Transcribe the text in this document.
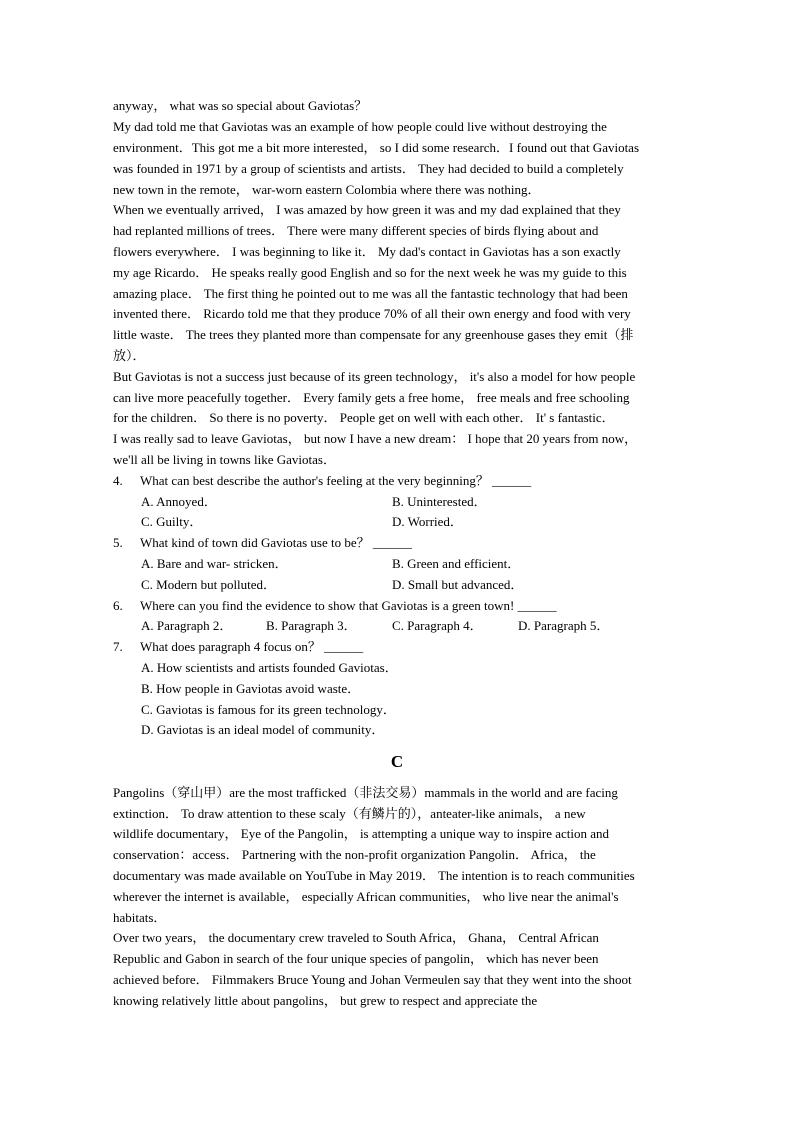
anyway， what was so special about Gaviotas？
My dad told me that Gaviotas was an example of how people could live without destroying the
environment．This got me a bit more interested， so I did some research．I found out that Gaviotas
was founded in 1971 by a group of scientists and artists． They had decided to build a completely
new town in the remote， war-worn eastern Colombia where there was nothing．
When we eventually arrived， I was amazed by how green it was and my dad explained that they
had replanted millions of trees． There were many different species of birds flying about and
flowers everywhere． I was beginning to like it． My dad's contact in Gaviotas has a son exactly
my age Ricardo． He speaks really good English and so for the next week he was my guide to this
amazing place． The first thing he pointed out to me was all the fantastic technology that had been
invented there． Ricardo told me that they produce 70% of all their own energy and food with very
little waste． The trees they planted more than compensate for any greenhouse gases they emit（排
放）．
But Gaviotas is not a success just because of its green technology， it's also a model for how people
can live more peacefully together． Every family gets a free home， free meals and free schooling
for the children． So there is no poverty． People get on well with each other． It' s fantastic．
I was really sad to leave Gaviotas， but now I have a new dream： I hope that 20 years from now，
we'll all be living in towns like Gaviotas．
4. What can best describe the author's feeling at the very beginning？ ______
A. Annoyed．	B. Uninterested．
C. Guilty．	D. Worried．
5. What kind of town did Gaviotas use to be？ ______
A. Bare and war- stricken．	B. Green and efficient．
C. Modern but polluted．	D. Small but advanced．
6. Where can you find the evidence to show that Gaviotas is a green town! ______
A. Paragraph 2．	B. Paragraph 3．	C. Paragraph 4．	D. Paragraph 5．
7. What does paragraph 4 focus on？ ______
A. How scientists and artists founded Gaviotas．
B. How people in Gaviotas avoid waste．
C. Gaviotas is famous for its green technology．
D. Gaviotas is an ideal model of community．
C
Pangolins（穿山甲）are the most trafficked（非法交易）mammals in the world and are facing
extinction． To draw attention to these scaly（有鳞片的），anteater-like animals， a new
wildlife documentary， Eye of the Pangolin， is attempting a unique way to inspire action and
conservation：access． Partnering with the non-profit organization Pangolin． Africa， the
documentary was made available on YouTube in May 2019． The intention is to reach communities
wherever the internet is available， especially African communities， who live near the animal's
habitats．
Over two years， the documentary crew traveled to South Africa， Ghana， Central African
Republic and Gabon in search of the four unique species of pangolin， which has never been
achieved before． Filmmakers Bruce Young and Johan Vermeulen say that they went into the shoot
knowing relatively little about pangolins， but grew to respect and appreciate the
